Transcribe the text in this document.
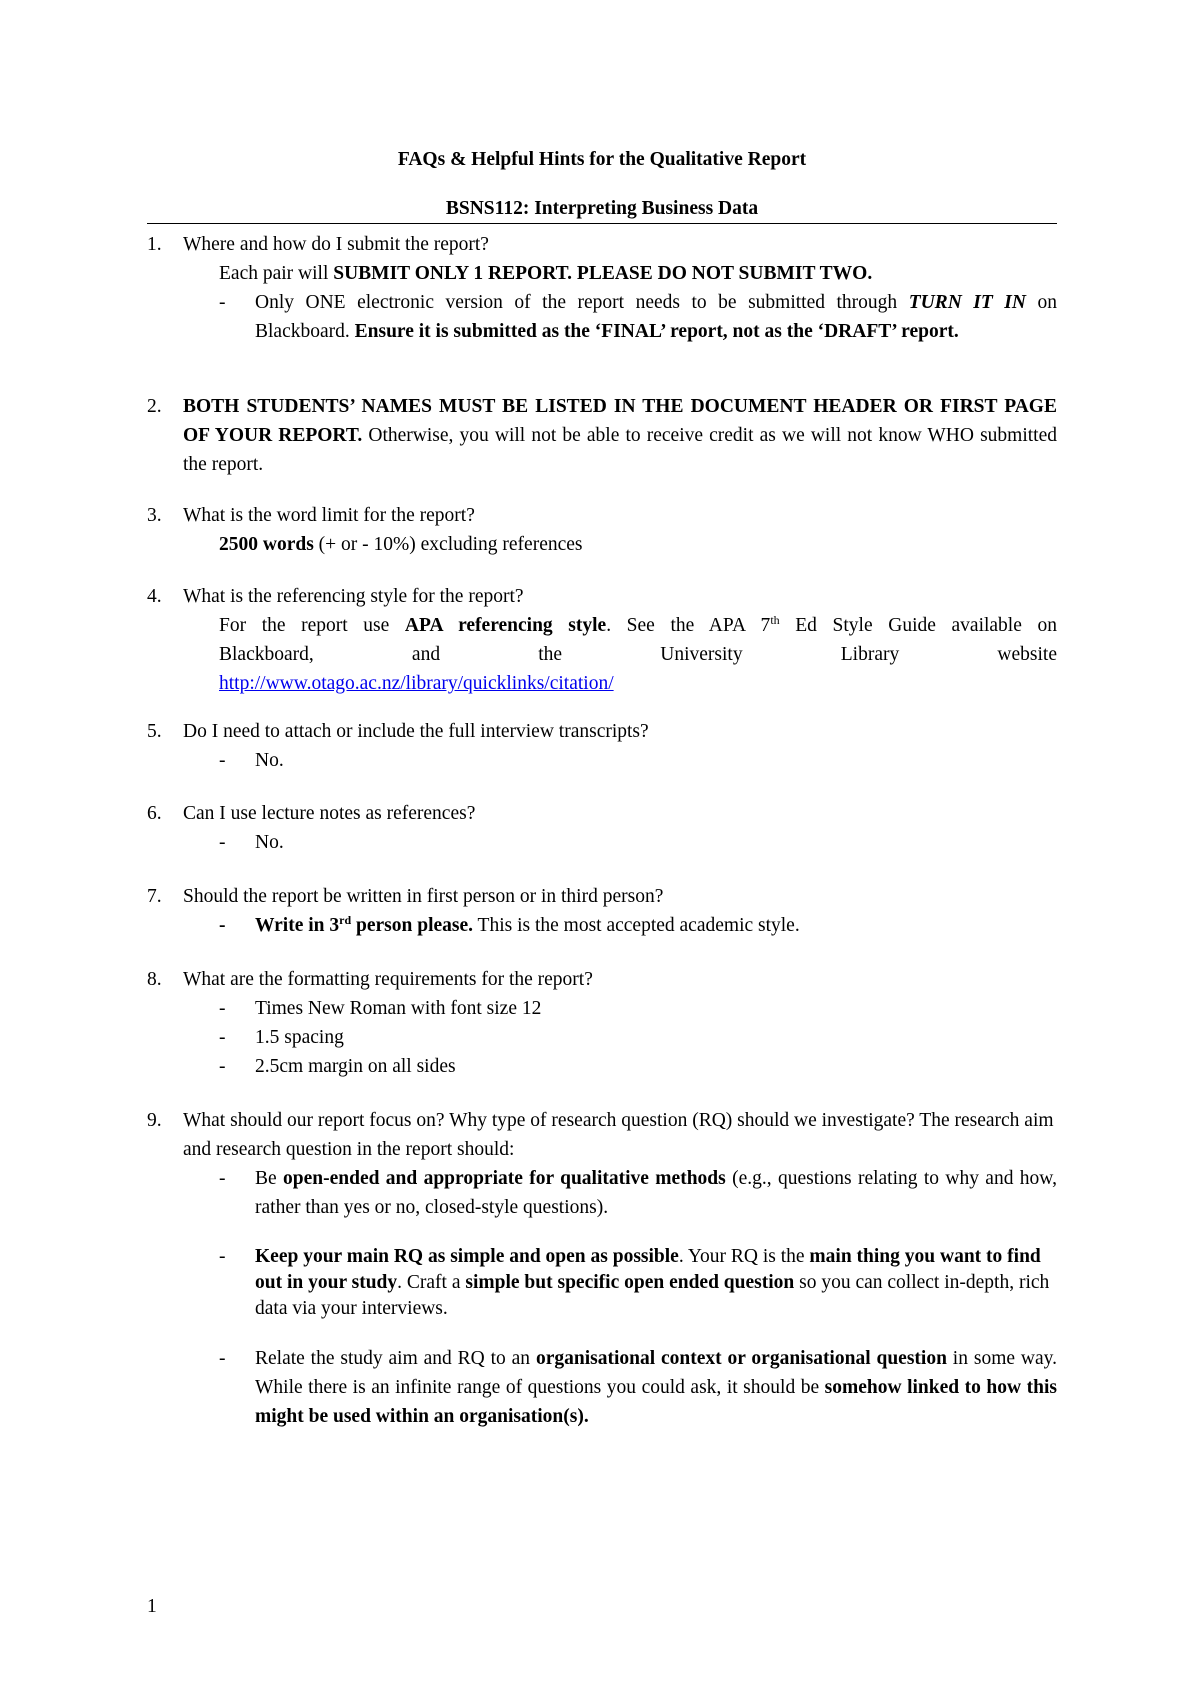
FAQs & Helpful Hints for the Qualitative Report
BSNS112: Interpreting Business Data
1.	Where and how do I submit the report?
Each pair will SUBMIT ONLY 1 REPORT. PLEASE DO NOT SUBMIT TWO.
- Only ONE electronic version of the report needs to be submitted through TURN IT IN on Blackboard. Ensure it is submitted as the ‘FINAL’ report, not as the ‘DRAFT’ report.
2.	BOTH STUDENTS’ NAMES MUST BE LISTED IN THE DOCUMENT HEADER OR FIRST PAGE OF YOUR REPORT. Otherwise, you will not be able to receive credit as we will not know WHO submitted the report.
3.	What is the word limit for the report?
2500 words (+ or - 10%) excluding references
4.	What is the referencing style for the report?
For the report use APA referencing style. See the APA 7th Ed Style Guide available on
Blackboard, and the University Library website
http://www.otago.ac.nz/library/quicklinks/citation/
5.	Do I need to attach or include the full interview transcripts?
- No.
6.	Can I use lecture notes as references?
- No.
7.	Should the report be written in first person or in third person?
- Write in 3rd person please. This is the most accepted academic style.
8.	What are the formatting requirements for the report?
- Times New Roman with font size 12
- 1.5 spacing
- 2.5cm margin on all sides
9.	What should our report focus on? Why type of research question (RQ) should we investigate? The research aim and research question in the report should:
- Be open-ended and appropriate for qualitative methods (e.g., questions relating to why and how, rather than yes or no, closed-style questions).
- Keep your main RQ as simple and open as possible. Your RQ is the main thing you want to find out in your study. Craft a simple but specific open ended question so you can collect in-depth, rich data via your interviews.
- Relate the study aim and RQ to an organisational context or organisational question in some way. While there is an infinite range of questions you could ask, it should be somehow linked to how this might be used within an organisation(s).
1
